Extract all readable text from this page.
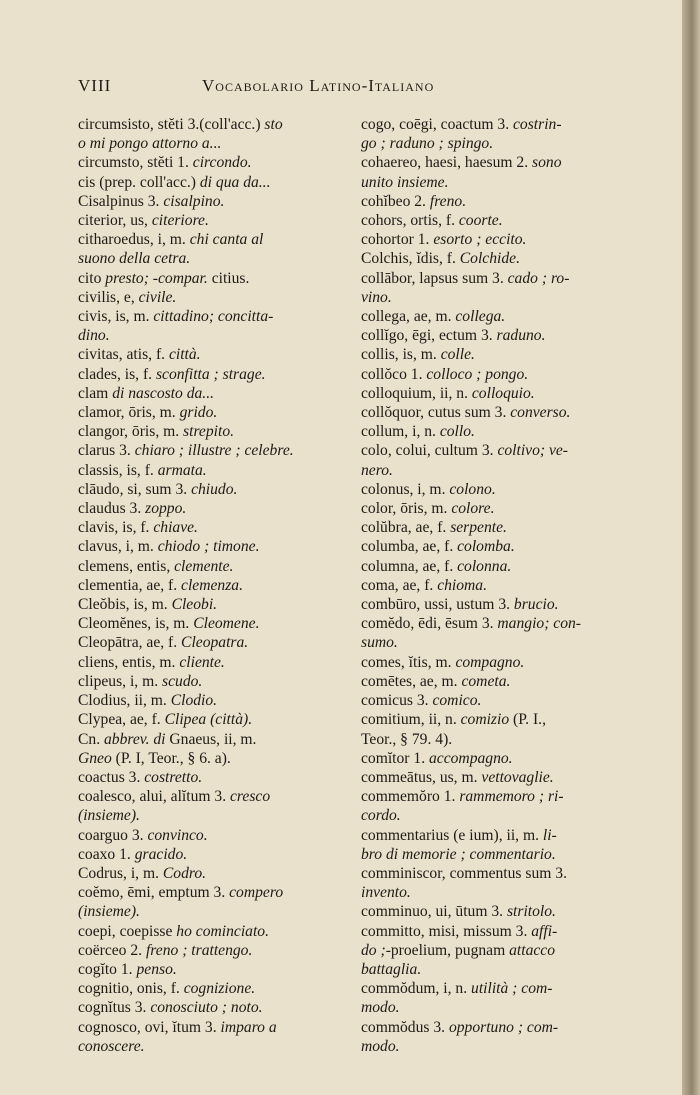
VIII	Vocabolario Latino-Italiano

circumsisto, stĕti 3.(coll'acc.) sto
o mi pongo attorno a...

circumsto, stĕti 1. circondo.

cis (prep. coll'acc.) di qua da...

Cisalpinus 3. cisalpino.

citerior, us, citeriore.

citharoedus, i, m. chi canta al
suono della cetra.

cito presto; -compar. citius.

civilis, e, civile.

civis, is, m. cittadino; concitta-
dino.

civitas, atis, f. città.

clades, is, f. sconfitta ; strage.

clam di nascosto da...

clamor, ōris, m. grido.

clangor, ōris, m. strepito.

clarus 3. chiaro ; illustre ; celebre.

classis, is, f. armata.

clāudo, si, sum 3. chiudo.

claudus 3. zoppo.

clavis, is, f. chiave.

clavus, i, m. chiodo ; timone.

clemens, entis, clemente.

clementia, ae, f. clemenza.

Cleŏbis, is, m. Cleobi.

Cleomĕnes, is, m. Cleomene.

Cleopātra, ae, f. Cleopatra.

cliens, entis, m. cliente.

clipeus, i, m. scudo.

Clodius, ii, m. Clodio.

Clypea, ae, f. Clipea (città).

Cn. abbrev. di Gnaeus, ii, m.
Gneo (P. I, Teor., § 6. a).

coactus 3. costretto.

coalesco, alui, alĭtum 3. cresco
(insieme).

coarguo 3. convinco.

coaxo 1. gracido.

Codrus, i, m. Codro.

coĕmo, ēmi, emptum 3. compero
(insieme).

coepi, coepisse ho cominciato.

coërceo 2. freno ; trattengo.

cogĭto 1. penso.

cognitio, onis, f. cognizione.

cognĭtus 3. conosciuto ; noto.

cognosco, ovi, ĭtum 3. imparo a
conoscere.

cogo, coēgi, coactum 3. costrin-
go ; raduno ; spingo.

cohaereo, haesi, haesum 2. sono
unito insieme.

cohĭbeo 2. freno.

cohors, ortis, f. coorte.

cohortor 1. esorto ; eccito.

Colchis, ĭdis, f. Colchide.

collābor, lapsus sum 3. cado ; ro-
vino.

collega, ae, m. collega.

collĭgo, ēgi, ectum 3. raduno.

collis, is, m. colle.

collŏco 1. colloco ; pongo.

colloquium, ii, n. colloquio.

collŏquor, cutus sum 3. converso.

collum, i, n. collo.

colo, colui, cultum 3. coltivo; ve-
nero.

colonus, i, m. colono.

color, ōris, m. colore.

colŭbra, ae, f. serpente.

columba, ae, f. colomba.

columna, ae, f. colonna.

coma, ae, f. chioma.

combūro, ussi, ustum 3. brucio.

comĕdo, ēdi, ēsum 3. mangio; con-
sumo.

comes, ĭtis, m. compagno.

comētes, ae, m. cometa.

comicus 3. comico.

comitium, ii, n. comizio (P. I.,
Teor., § 79. 4).

comĭtor 1. accompagno.

commeātus, us, m. vettovaglie.

commemŏro 1. rammemoro ; ri-
cordo.

commentarius (e ium), ii, m. li-
bro di memorie ; commentario.

comminiscor, commentus sum 3.
invento.

comminuo, ui, ūtum 3. stritolo.

committo, misi, missum 3. affi-
do ;-proelium, pugnam attacco
battaglia.

commŏdum, i, n. utilità ; com-
modo.

commŏdus 3. opportuno ; com-
modo.
